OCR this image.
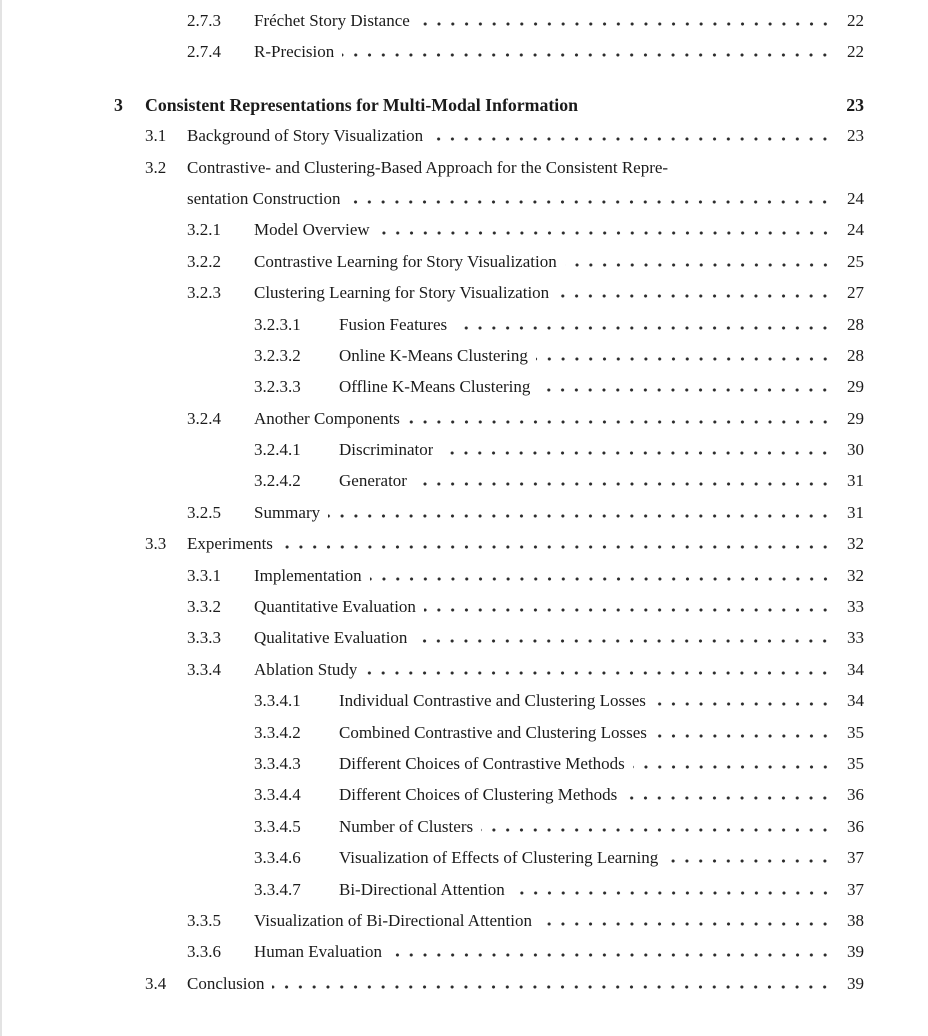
2.7.3	Fréchet Story Distance	22
2.7.4	R-Precision	22
3	Consistent Representations for Multi-Modal Information	23
3.1	Background of Story Visualization	23
3.2	Contrastive- and Clustering-Based Approach for the Consistent Repre-
sentation Construction	24
3.2.1	Model Overview	24
3.2.2	Contrastive Learning for Story Visualization	25
3.2.3	Clustering Learning for Story Visualization	27
3.2.3.1	Fusion Features	28
3.2.3.2	Online K-Means Clustering	28
3.2.3.3	Offline K-Means Clustering	29
3.2.4	Another Components	29
3.2.4.1	Discriminator	30
3.2.4.2	Generator	31
3.2.5	Summary	31
3.3	Experiments	32
3.3.1	Implementation	32
3.3.2	Quantitative Evaluation	33
3.3.3	Qualitative Evaluation	33
3.3.4	Ablation Study	34
3.3.4.1	Individual Contrastive and Clustering Losses	34
3.3.4.2	Combined Contrastive and Clustering Losses	35
3.3.4.3	Different Choices of Contrastive Methods	35
3.3.4.4	Different Choices of Clustering Methods	36
3.3.4.5	Number of Clusters	36
3.3.4.6	Visualization of Effects of Clustering Learning	37
3.3.4.7	Bi-Directional Attention	37
3.3.5	Visualization of Bi-Directional Attention	38
3.3.6	Human Evaluation	39
3.4	Conclusion	39
